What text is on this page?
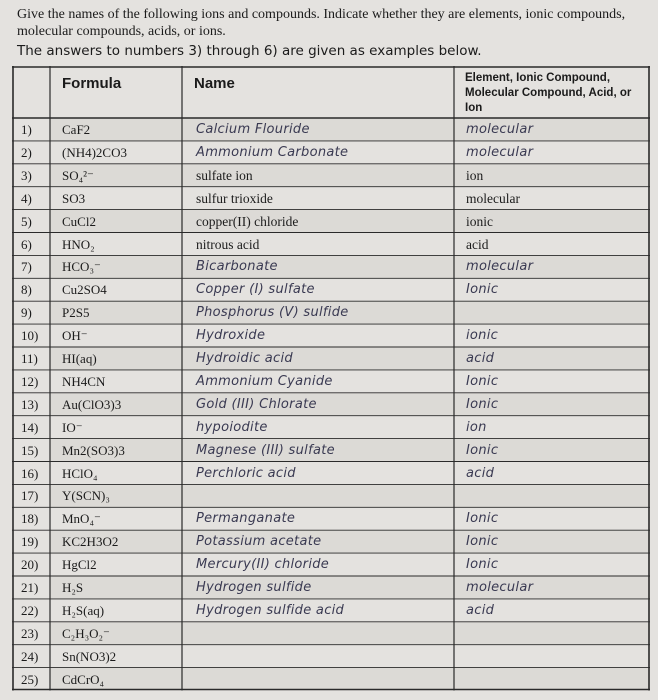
Give the names of the following ions and compounds. Indicate whether they are elements, ionic compounds, molecular compounds, acids, or ions.
The answers to numbers 3) through 6) are given as examples below.
Formula	Name	Element, Ionic Compound, Molecular Compound, Acid, or Ion
1) CaF2	Calcium Flouride	molecular
2) (NH4)2CO3	Ammonium Carbonate	molecular
3) SO₄²⁻	sulfate ion	ion
4) SO3	sulfur trioxide	molecular
5) CuCl2	copper(II) chloride	ionic
6) HNO₂	nitrous acid	acid
7) HCO₃⁻	Bicarbonate	molecular
8) Cu2SO4	Copper (I) sulfate	Ionic
9) P2S5	Phosphorus (V) sulfide
10) OH⁻	Hydroxide	ionic
11) HI(aq)	Hydroidic acid	acid
12) NH4CN	Ammonium Cyanide	Ionic
13) Au(ClO3)3	Gold (III) Chlorate	Ionic
14) IO⁻	hypoiodite	ion
15) Mn2(SO3)3	Magnese (III) sulfate	Ionic
16) HClO₄	Perchloric acid	acid
17) Y(SCN)₃
18) MnO₄⁻	Permanganate	Ionic
19) KC2H3O2	Potassium acetate	Ionic
20) HgCl2	Mercury(II) chloride	Ionic
21) H₂S	Hydrogen sulfide	molecular
22) H₂S(aq)	Hydrogen sulfide acid	acid
23) C₂H₃O₂⁻
24) Sn(NO3)2
25) CdCrO₄
